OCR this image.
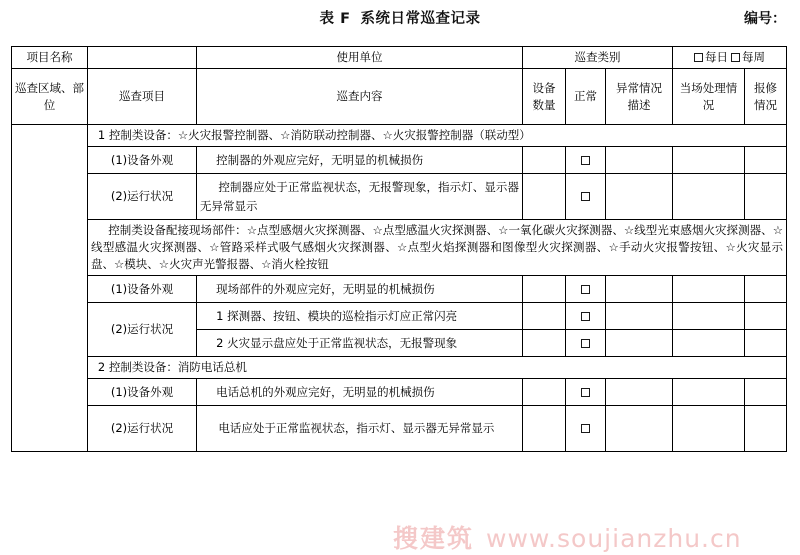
表 F 系统日常巡查记录	编号：
项目名称		使用单位	巡查类别			每日 每周	
巡查区域、部位	巡查项目	巡查内容	设备数量	正常	异常情况描述	当场处理情况	报修情况

	1 控制类设备：☆火灾报警控制器、☆消防联动控制器、☆火灾报警控制器（联动型）						

	(1)设备外观	控制器的外观应完好，无明显的机械损伤					
	(2)运行状况	控制器应处于正常监视状态，无报警现象，指示灯、显示器无异常显示					

	控制类设备配接现场部件：☆点型感烟火灾探测器、☆点型感温火灾探测器、☆一氧化碳火灾探测器、☆线型光束感烟火灾探测器、☆线型感温火灾探测器、☆管路采样式吸气感烟火灾探测器、☆点型火焰探测器和图像型火灾探测器、☆手动火灾报警按钮、☆火灾显示盘、☆模块、☆火灾声光警报器、☆消火栓按钮						

	(1)设备外观	现场部件的外观应完好，无明显的机械损伤					
	(2)运行状况	1 探测器、按钮、模块的巡检指示灯应正常闪亮					
		2 火灾显示盘应处于正常监视状态，无报警现象					

	2 控制类设备：消防电话总机						

	(1)设备外观	电话总机的外观应完好，无明显的机械损伤					
	(2)运行状况	电话应处于正常监视状态，指示灯、显示器无异常显示					

搜建筑 www.soujianzhu.cn
